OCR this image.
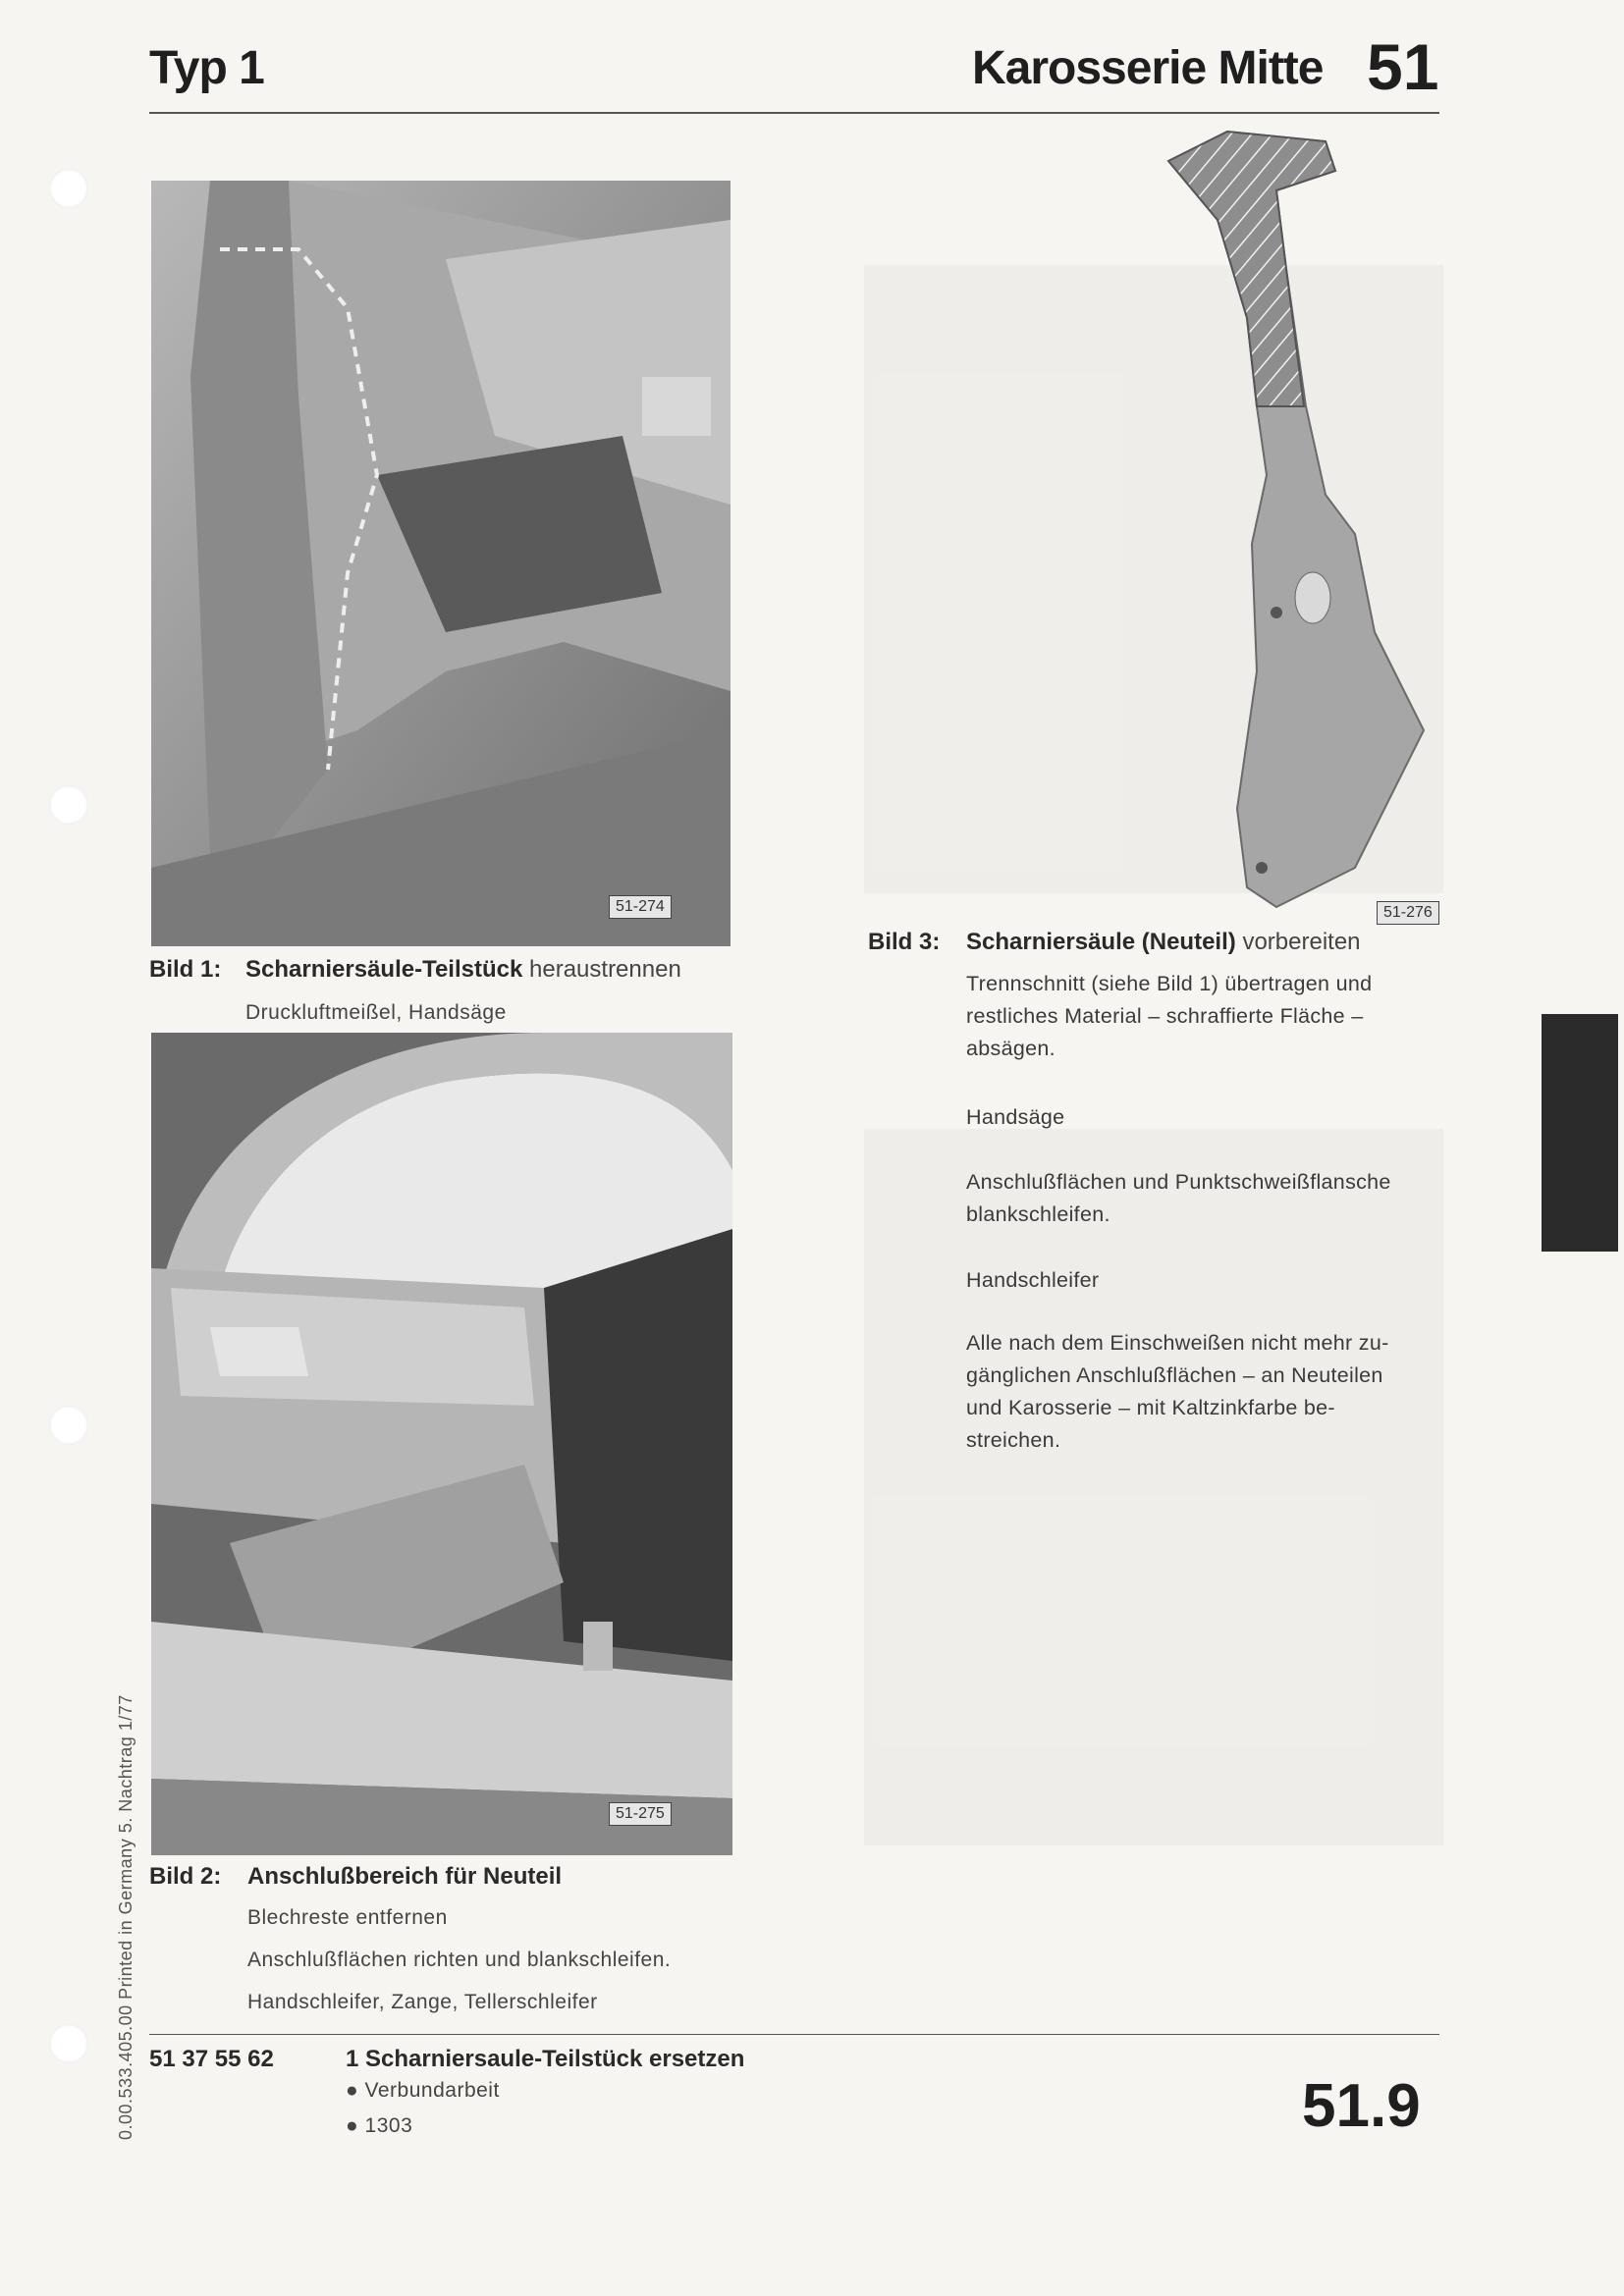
Typ 1	Karosserie Mitte 51
51-274
Bild 1: Scharniersäule-Teilstück heraustrennen
Druckluftmeißel, Handsäge
51-275
Bild 2: Anschlußbereich für Neuteil
Blechreste entfernen
Anschlußflächen richten und blankschleifen.
Handschleifer, Zange, Tellerschleifer
51-276
Bild 3: Scharniersäule (Neuteil) vorbereiten
Trennschnitt (siehe Bild 1) übertragen und
restliches Material – schraffierte Fläche –
absägen.
Handsäge
Anschlußflächen und Punktschweißflansche
blankschleifen.
Handschleifer
Alle nach dem Einschweißen nicht mehr zu-
gänglichen Anschlußflächen – an Neuteilen
und Karosserie – mit Kaltzinkfarbe be-
streichen.
0.00.533.405.00 Printed in Germany 5. Nachtrag 1/77 51 37 55 62	1 Scharniersaule-Teilstück ersetzen
● Verbundarbeit
● 1303	51.9
